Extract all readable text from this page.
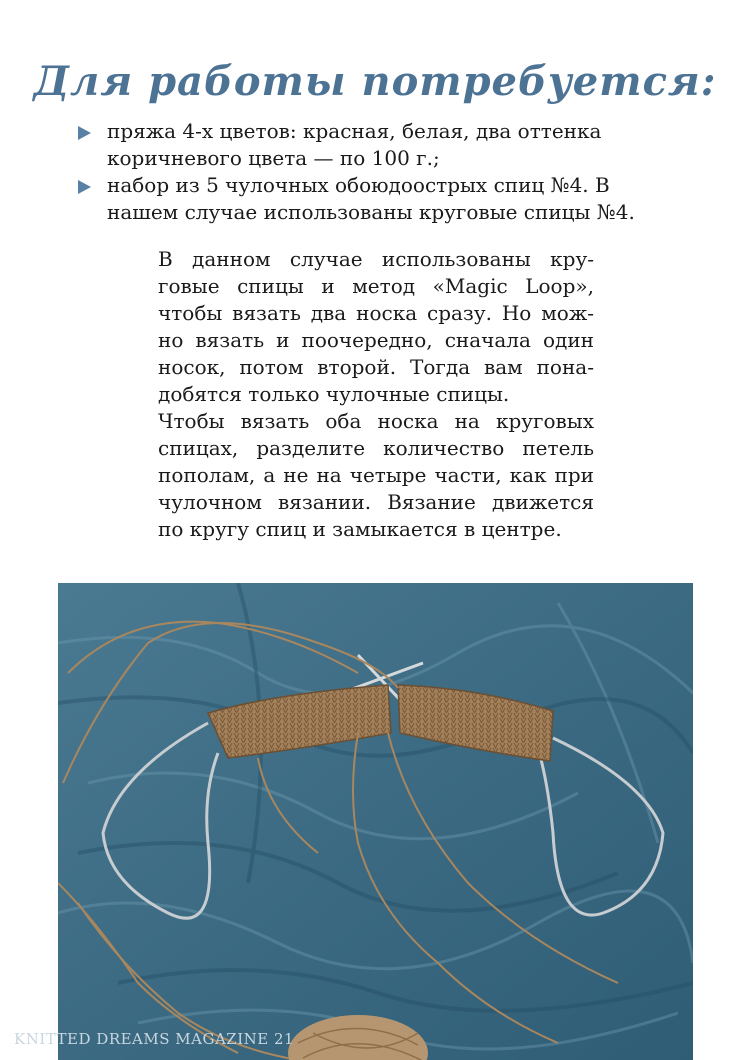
Для работы потребуется:
пряжа 4-х цветов: красная, белая, два оттенка
коричневого цвета — по 100 г.;
набор из 5 чулочных обоюдоострых спиц №4. В
нашем случае использованы круговые спицы №4.
В данном случае использованы кру-
говые спицы и метод «Magic Loop»,
чтобы вязать два носка сразу. Но мож-
но вязать и поочередно, сначала один
носок, потом второй. Тогда вам пона-
добятся только чулочные спицы.
Чтобы вязать оба носка на круговых
спицах, разделите количество петель
пополам, а не на четыре части, как при
чулочном вязании. Вязание движется
по кругу спиц и замыкается в центре.
KNITTED DREAMS MAGAZINE 21
